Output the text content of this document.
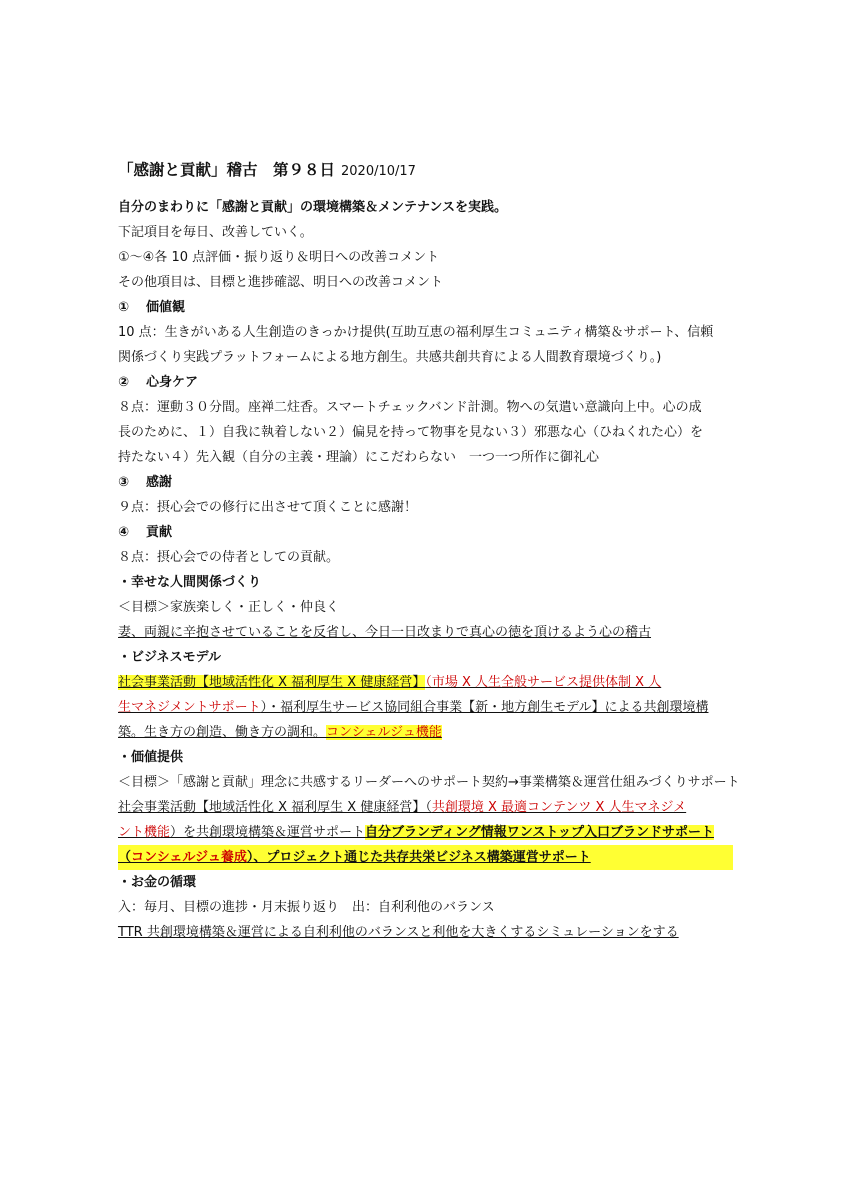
「感謝と貢献」稽古　第９８日 2020/10/17

自分のまわりに「感謝と貢献」の環境構築＆メンテナンスを実践。

下記項目を毎日、改善していく。

①～④各 10 点評価・振り返り＆明日への改善コメント

その他項目は、目標と進捗確認、明日への改善コメント

① 価値観

10 点：生きがいある人生創造のきっかけ提供(互助互恵の福利厚生コミュニティ構築＆サポート、信頼

関係づくり実践プラットフォームによる地方創生。共感共創共育による人間教育環境づくり。)

② 心身ケア

８点：運動３０分間。座禅二炷香。スマートチェックバンド計測。物への気遣い意識向上中。心の成

長のために、１）自我に執着しない２）偏見を持って物事を見ない３）邪悪な心（ひねくれた心）を

持たない４）先入観（自分の主義・理論）にこだわらない　一つ一つ所作に御礼心

③ 感謝

９点：摂心会での修行に出させて頂くことに感謝！

④ 貢献

８点：摂心会での侍者としての貢献。

・幸せな人間関係づくり

＜目標＞家族楽しく・正しく・仲良く

妻、両親に辛抱させていることを反省し、今日一日改まりで真心の徳を頂けるよう心の稽古

・ビジネスモデル

社会事業活動【地域活性化 X 福利厚生 X 健康経営】（市場 X 人生全般サービス提供体制 X 人

生マネジメントサポート）・福利厚生サービス協同組合事業【新・地方創生モデル】による共創環境構

築。生き方の創造、働き方の調和。コンシェルジュ機能

・価値提供

＜目標＞「感謝と貢献」理念に共感するリーダーへのサポート契約→事業構築＆運営仕組みづくりサポート

社会事業活動【地域活性化 X 福利厚生 X 健康経営】（共創環境 X 最適コンテンツ X 人生マネジメ

ント機能）を共創環境構築＆運営サポート自分ブランディング情報ワンストップ入口ブランドサポート

（コンシェルジュ養成）、プロジェクト通じた共存共栄ビジネス構築運営サポート

・お金の循環

入：毎月、目標の進捗・月末振り返り　出：自利利他のバランス

TTR 共創環境構築＆運営による自利利他のバランスと利他を大きくするシミュレーションをする
